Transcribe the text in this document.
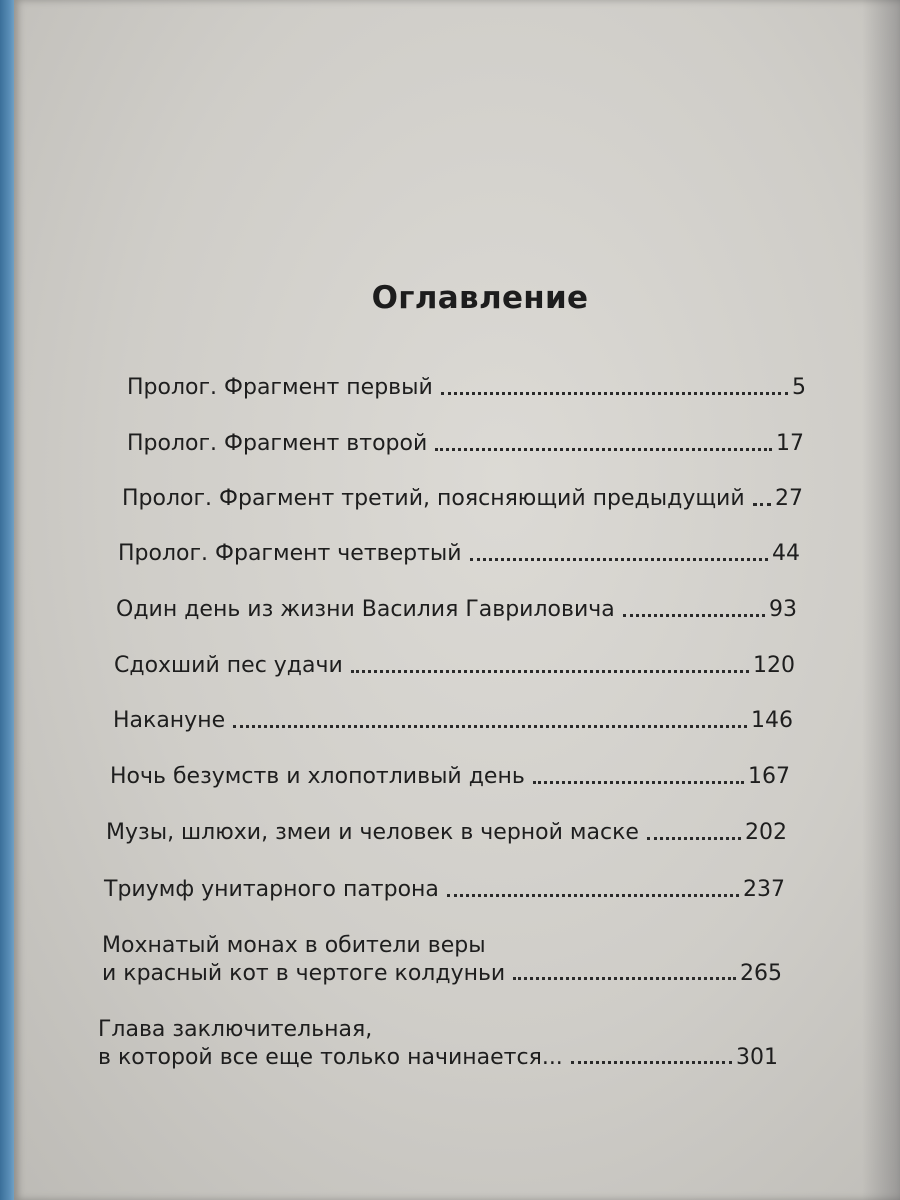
Оглавление
Пролог. Фрагмент первый	5
Пролог. Фрагмент второй	17
Пролог. Фрагмент третий, поясняющий предыдущий 27
Пролог. Фрагмент четвертый	44
Один день из жизни Василия Гавриловича	93
Сдохший пес удачи	120
Накануне	146
Ночь безумств и хлопотливый день	167
Музы, шлюхи, змеи и человек в черной маске	202
Триумф унитарного патрона	237
Мохнатый монах в обители веры
и красный кот в чертоге колдуньи	265
Глава заключительная,
в которой все еще только начинается...	301
